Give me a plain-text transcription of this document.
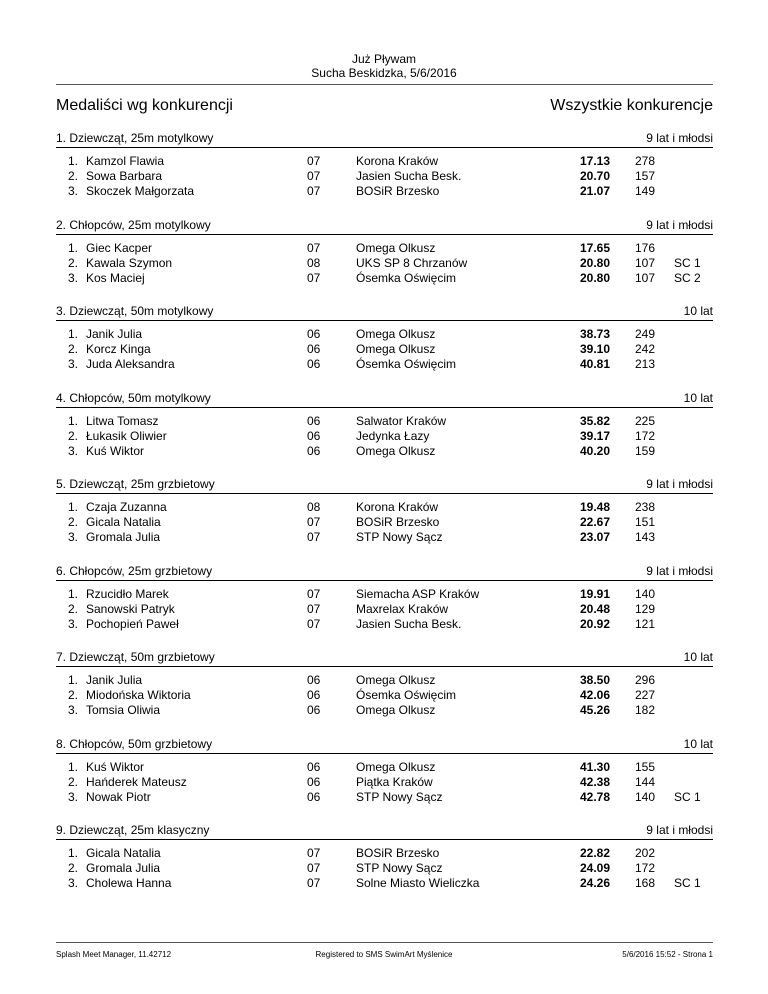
Już Pływam
Sucha Beskidzka, 5/6/2016
Medaliści wg konkurencji	Wszystkie konkurencje
1. Dziewcząt, 25m motylkowy	9 lat i młodsi
1. Kamzol Flawia	07	Korona Kraków	17.13	278
2. Sowa Barbara	07	Jasien Sucha Besk.	20.70	157
3. Skoczek Małgorzata	07	BOSiR Brzesko	21.07	149
2. Chłopców, 25m motylkowy	9 lat i młodsi
1. Giec Kacper	07	Omega Olkusz	17.65	176
2. Kawala Szymon	08	UKS SP 8 Chrzanów	20.80	107 SC 1
3. Kos Maciej	07	Ósemka Oświęcim	20.80	107 SC 2
3. Dziewcząt, 50m motylkowy	10 lat
1. Janik Julia	06	Omega Olkusz	38.73	249
2. Korcz Kinga	06	Omega Olkusz	39.10	242
3. Juda Aleksandra	06	Ósemka Oświęcim	40.81	213
4. Chłopców, 50m motylkowy	10 lat
1. Litwa Tomasz	06	Salwator Kraków	35.82	225
2. Łukasik Oliwier	06	Jedynka Łazy	39.17	172
3. Kuś Wiktor	06	Omega Olkusz	40.20	159
5. Dziewcząt, 25m grzbietowy	9 lat i młodsi
1. Czaja Zuzanna	08	Korona Kraków	19.48	238
2. Gicala Natalia	07	BOSiR Brzesko	22.67	151
3. Gromala Julia	07	STP Nowy Sącz	23.07	143
6. Chłopców, 25m grzbietowy	9 lat i młodsi
1. Rzucidło Marek	07	Siemacha ASP Kraków	19.91	140
2. Sanowski Patryk	07	Maxrelax Kraków	20.48	129
3. Pochopień Paweł	07	Jasien Sucha Besk.	20.92	121
7. Dziewcząt, 50m grzbietowy	10 lat
1. Janik Julia	06	Omega Olkusz	38.50	296
2. Miodońska Wiktoria	06	Ósemka Oświęcim	42.06	227
3. Tomsia Oliwia	06	Omega Olkusz	45.26	182
8. Chłopców, 50m grzbietowy	10 lat
1. Kuś Wiktor	06	Omega Olkusz	41.30	155
2. Hańderek Mateusz	06	Piątka Kraków	42.38	144
3. Nowak Piotr	06	STP Nowy Sącz	42.78	140 SC 1
9. Dziewcząt, 25m klasyczny	9 lat i młodsi
1. Gicala Natalia	07	BOSiR Brzesko	22.82	202
2. Gromala Julia	07	STP Nowy Sącz	24.09	172
3. Cholewa Hanna	07	Solne Miasto Wieliczka	24.26	168 SC 1
Splash Meet Manager, 11.42712	Registered to SMS SwimArt Myślenice	5/6/2016 15:52 - Strona 1
